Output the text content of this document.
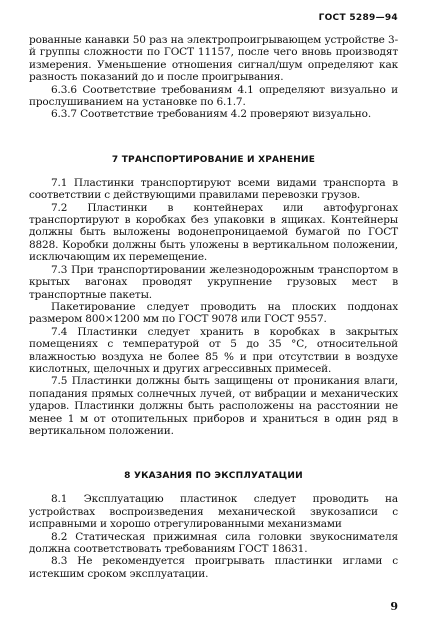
ГОСТ 5289—94

рованные канавки 50 раз на электропроигрывающем устройстве 3-й группы сложности по ГОСТ 11157, после чего вновь производят измерения. Уменьшение отношения сигнал/шум определяют как разность показаний до и после проигрывания.

6.3.6 Соответствие требованиям 4.1 определяют визуально и прослушиванием на установке по 6.1.7.

6.3.7 Соответствие требованиям 4.2 проверяют визуально.

7 ТРАНСПОРТИРОВАНИЕ И ХРАНЕНИЕ

7.1 Пластинки транспортируют всеми видами транспорта в соответствии с действующими правилами перевозки грузов.

7.2 Пластинки в контейнерах или автофургонах транспортируют в коробках без упаковки в ящиках. Контейнеры должны быть выложены водонепроницаемой бумагой по ГОСТ 8828. Коробки должны быть уложены в вертикальном положении, исключающим их перемещение.

7.3 При транспортировании железнодорожным транспортом в крытых вагонах проводят укрупнение грузовых мест в транспортные пакеты.

Пакетирование следует проводить на плоских поддонах размером 800×1200 мм по ГОСТ 9078 или ГОСТ 9557.

7.4 Пластинки следует хранить в коробках в закрытых помещениях с температурой от 5 до 35 °С, относительной влажностью воздуха не более 85 % и при отсутствии в воздухе кислотных, щелочных и других агрессивных примесей.

7.5 Пластинки должны быть защищены от проникания влаги, попадания прямых солнечных лучей, от вибрации и механических ударов. Пластинки должны быть расположены на расстоянии не менее 1 м от отопительных приборов и храниться в один ряд в вертикальном положении.

8 УКАЗАНИЯ ПО ЭКСПЛУАТАЦИИ

8.1 Эксплуатацию пластинок следует проводить на устройствах воспроизведения механической звукозаписи с исправными и хорошо отрегулированными механизмами

8.2 Статическая прижимная сила головки звукоснимателя должна соответствовать требованиям ГОСТ 18631.

8.3 Не рекомендуется проигрывать пластинки иглами с истекшим сроком эксплуатации.

9
